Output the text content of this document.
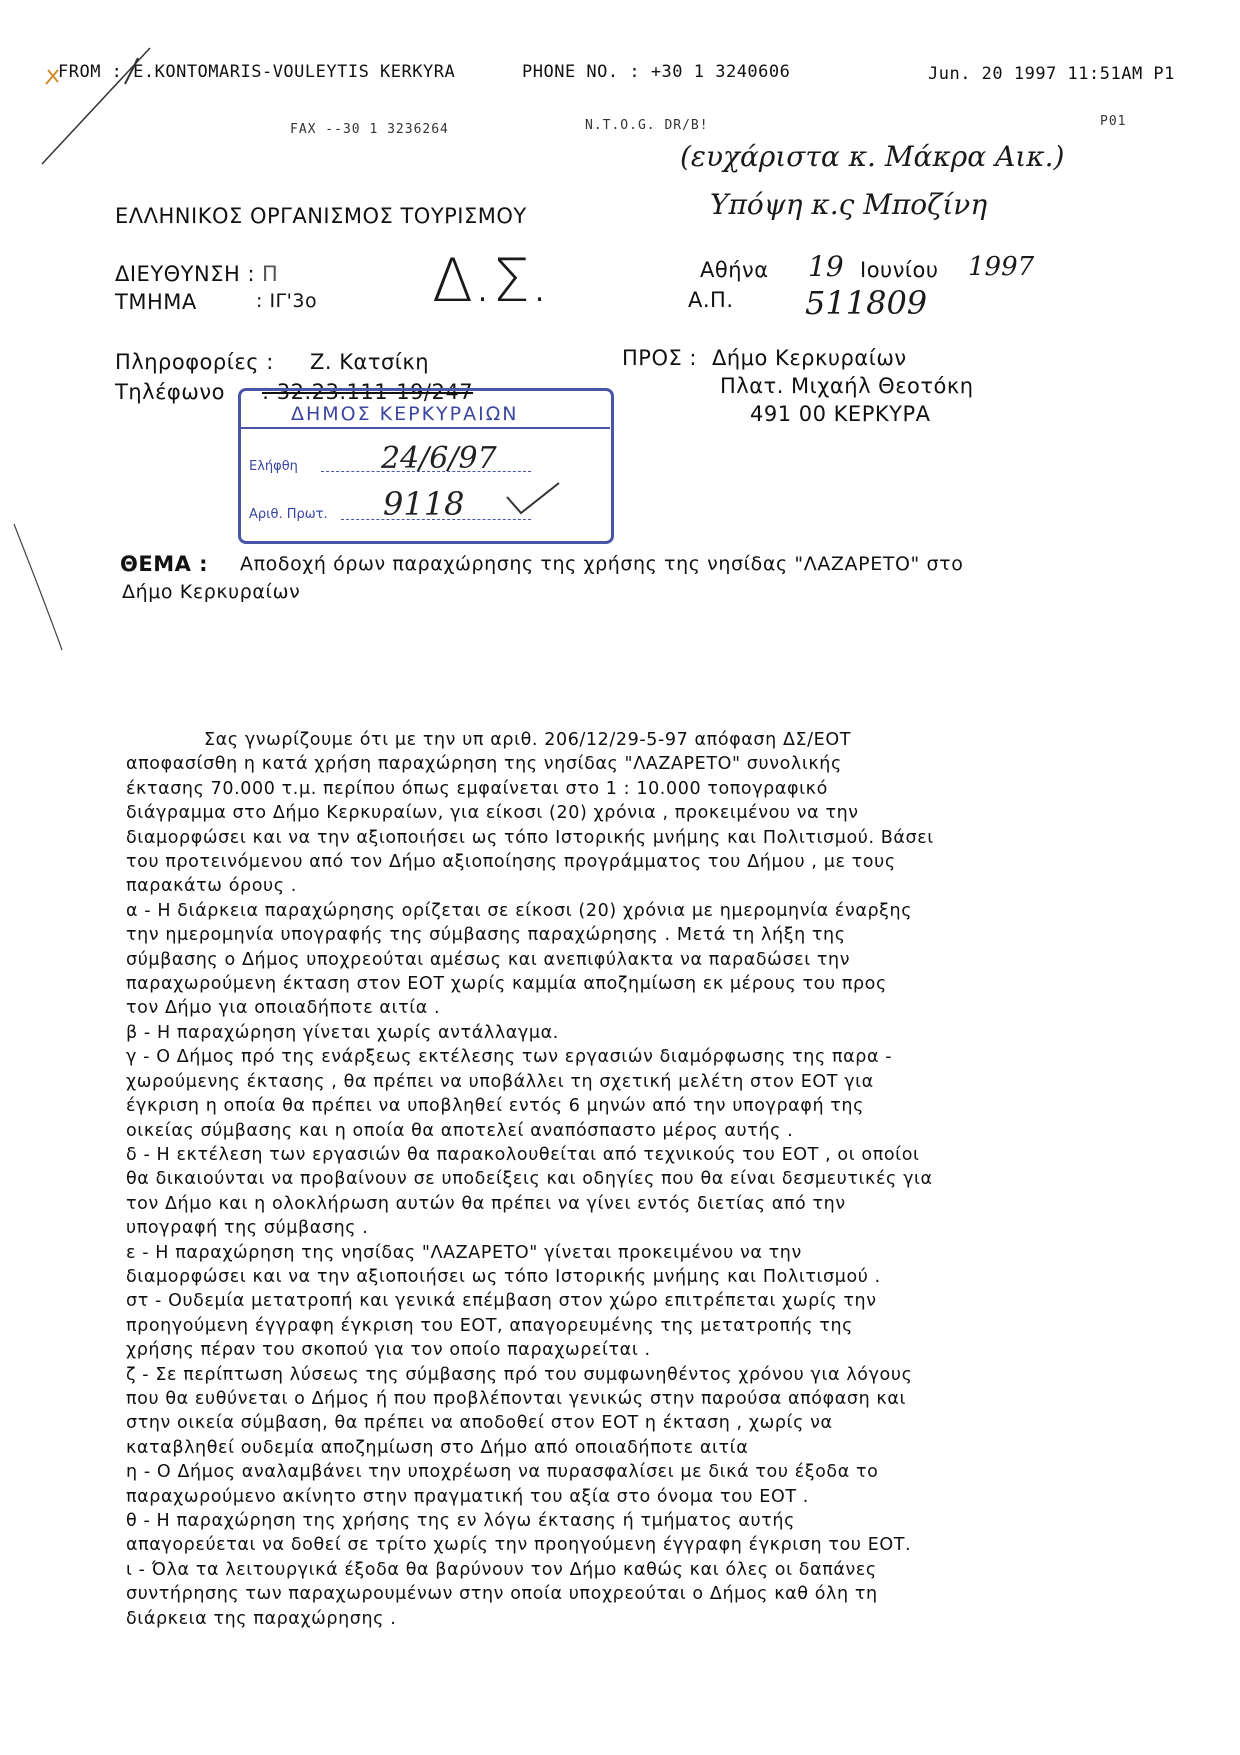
FROM : E.KONTOMARIS-VOULEYTIS KERKYRA	PHONE NO. : +30 1 3240606	Jun. 20 1997 11:51AM P1
FAX --30 1 3236264	N.T.O.G. DR/B!	P01
(ευχάριστα κ. Μάκρα Αικ.)
Υπόψη κ.ς Μποζίνη
ΕΛΛΗΝΙΚΟΣ ΟΡΓΑΝΙΣΜΟΣ ΤΟΥΡΙΣΜΟΥ
ΔΙΕΥΘΥΝΣΗ : Π
ΤΜΗΜΑ	: ΙΓ'3ο Δ.Σ.	Αθήνα 19 Ιουνίου 1997
Α.Π. 511809
Πληροφορίες : Ζ. Κατσίκη
Τηλέφωνο : 32.23.111-19/247
ΠΡΟΣ : Δήμο Κερκυραίων
Πλατ. Μιχαήλ Θεοτόκη
491 00 ΚΕΡΚΥΡΑ
ΔΗΜΟΣ ΚΕΡΚΥΡΑΙΩΝ
Ελήφθη	24/6/97
Αριθ. Πρωτ. 9118
ΘΕΜΑ : Αποδοχή όρων παραχώρησης της χρήσης της νησίδας "ΛΑΖΑΡΕΤΟ" στο
Δήμο Κερκυραίων
Σας γνωρίζουμε ότι με την υπ αριθ. 206/12/29-5-97 απόφαση ΔΣ/ΕΟΤ
αποφασίσθη η κατά χρήση παραχώρηση της νησίδας "ΛΑΖΑΡΕΤΟ" συνολικής
έκτασης 70.000 τ.μ. περίπου όπως εμφαίνεται στο 1 : 10.000 τοπογραφικό
διάγραμμα στο Δήμο Κερκυραίων, για είκοσι (20) χρόνια , προκειμένου να την
διαμορφώσει και να την αξιοποιήσει ως τόπο Ιστορικής μνήμης και Πολιτισμού. Βάσει
του προτεινόμενου από τον Δήμο αξιοποίησης προγράμματος του Δήμου , με τους
παρακάτω όρους .
α - Η διάρκεια παραχώρησης ορίζεται σε είκοσι (20) χρόνια με ημερομηνία έναρξης
την ημερομηνία υπογραφής της σύμβασης παραχώρησης . Μετά τη λήξη της
σύμβασης ο Δήμος υποχρεούται αμέσως και ανεπιφύλακτα να παραδώσει την
παραχωρούμενη έκταση στον ΕΟΤ χωρίς καμμία αποζημίωση εκ μέρους του προς
τον Δήμο για οποιαδήποτε αιτία .
β - Η παραχώρηση γίνεται χωρίς αντάλλαγμα.
γ - Ο Δήμος πρό της ενάρξεως εκτέλεσης των εργασιών διαμόρφωσης της παρα -
χωρούμενης έκτασης , θα πρέπει να υποβάλλει τη σχετική μελέτη στον ΕΟΤ για
έγκριση η οποία θα πρέπει να υποβληθεί εντός 6 μηνών από την υπογραφή της
οικείας σύμβασης και η οποία θα αποτελεί αναπόσπαστο μέρος αυτής .
δ - Η εκτέλεση των εργασιών θα παρακολουθείται από τεχνικούς του ΕΟΤ , οι οποίοι
θα δικαιούνται να προβαίνουν σε υποδείξεις και οδηγίες που θα είναι δεσμευτικές για
τον Δήμο και η ολοκλήρωση αυτών θα πρέπει να γίνει εντός διετίας από την
υπογραφή της σύμβασης .
ε - Η παραχώρηση της νησίδας "ΛΑΖΑΡΕΤΟ" γίνεται προκειμένου να την
διαμορφώσει και να την αξιοποιήσει ως τόπο Ιστορικής μνήμης και Πολιτισμού .
στ - Ουδεμία μετατροπή και γενικά επέμβαση στον χώρο επιτρέπεται χωρίς την
προηγούμενη έγγραφη έγκριση του ΕΟΤ, απαγορευμένης της μετατροπής της
χρήσης πέραν του σκοπού για τον οποίο παραχωρείται .
ζ - Σε περίπτωση λύσεως της σύμβασης πρό του συμφωνηθέντος χρόνου για λόγους
που θα ευθύνεται ο Δήμος ή που προβλέπονται γενικώς στην παρούσα απόφαση και
στην οικεία σύμβαση, θα πρέπει να αποδοθεί στον ΕΟΤ η έκταση , χωρίς να
καταβληθεί ουδεμία αποζημίωση στο Δήμο από οποιαδήποτε αιτία
η - Ο Δήμος αναλαμβάνει την υποχρέωση να πυρασφαλίσει με δικά του έξοδα το
παραχωρούμενο ακίνητο στην πραγματική του αξία στο όνομα του ΕΟΤ .
θ - Η παραχώρηση της χρήσης της εν λόγω έκτασης ή τμήματος αυτής
απαγορεύεται να δοθεί σε τρίτο χωρίς την προηγούμενη έγγραφη έγκριση του ΕΟΤ.
ι - Όλα τα λειτουργικά έξοδα θα βαρύνουν τον Δήμο καθώς και όλες οι δαπάνες
συντήρησης των παραχωρουμένων στην οποία υποχρεούται ο Δήμος καθ όλη τη
διάρκεια της παραχώρησης .
